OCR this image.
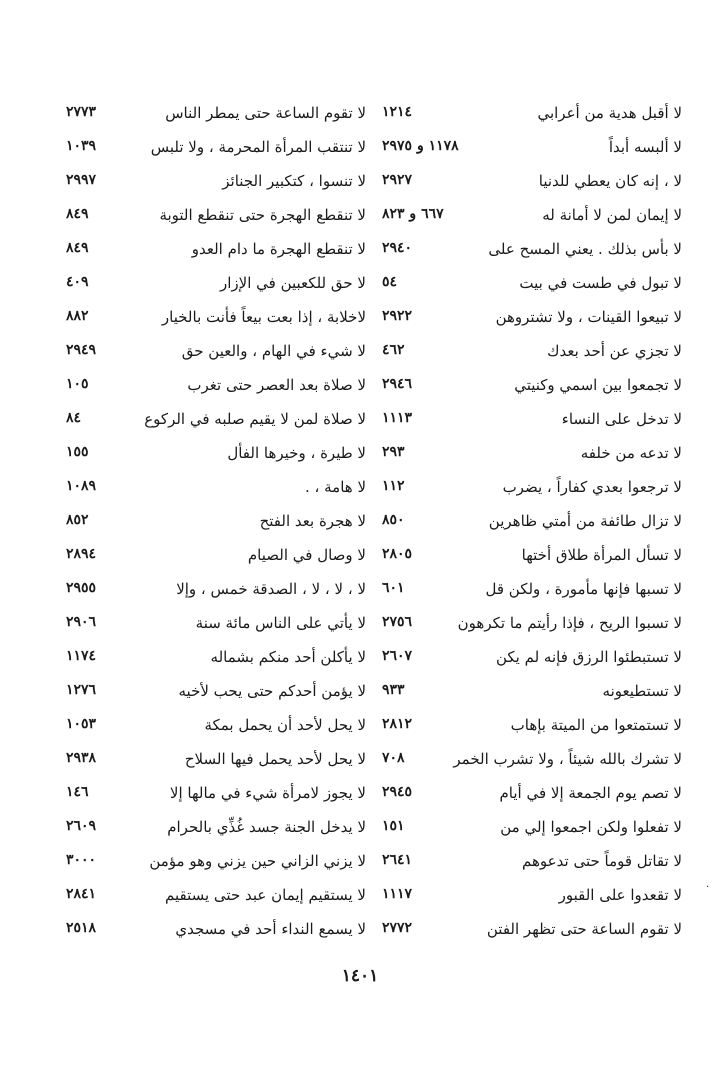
لا أقبل هدية من أعرابي
١٢١٤
لا ألبسه أبداً
١١٧٨ و ٢٩٧٥
لا ، إنه كان يعطي للدنيا
٢٩٢٧
لا إيمان لمن لا أمانة له
٦٦٧ و ٨٢٣
لا بأس بذلك . يعني المسح على
٢٩٤٠
لا تبول في طست في بيت
٥٤
لا تبيعوا القينات ، ولا تشتروهن
٢٩٢٢
لا تجزي عن أحد بعدك
٤٦٢
لا تجمعوا بين اسمي وكنيتي
٢٩٤٦
لا تدخل على النساء
١١١٣
لا تدعه من خلفه
٢٩٣
لا ترجعوا بعدي كفاراً ، يضرب
١١٢
لا تزال طائفة من أمتي ظاهرين
٨٥٠
لا تسأل المرأة طلاق أختها
٢٨٠٥
لا تسبها فإنها مأمورة ، ولكن قل
٦٠١
لا تسبوا الريح ، فإذا رأيتم ما تكرهون
٢٧٥٦
لا تستبطئوا الرزق فإنه لم يكن
٢٦٠٧
لا تستطيعونه
٩٣٣
لا تستمتعوا من الميتة بإهاب
٢٨١٢
لا تشرك بالله شيئاً ، ولا تشرب الخمر
٧٠٨
لا تصم يوم الجمعة إلا في أيام
٢٩٤٥
لا تفعلوا ولكن اجمعوا إلي من
١٥١
لا تقاتل قوماً حتى تدعوهم
٢٦٤١
لا تقعدوا على القبور
١١١٧
لا تقوم الساعة حتى تظهر الفتن
٢٧٧٢
لا تقوم الساعة حتى يمطر الناس
٢٧٧٣
لا تنتقب المرأة المحرمة ، ولا تلبس
١٠٣٩
لا تنسوا ، كتكبير الجنائز
٢٩٩٧
لا تنقطع الهجرة حتى تنقطع التوبة
٨٤٩
لا تنقطع الهجرة ما دام العدو
٨٤٩
لا حق للكعبين في الإزار
٤٠٩
لاخلابة ، إذا بعت بيعاً فأنت بالخيار
٨٨٢
لا شيء في الهام ، والعين حق
٢٩٤٩
لا صلاة بعد العصر حتى تغرب
١٠٥
لا صلاة لمن لا يقيم صلبه في الركوع
٨٤
لا طيرة ، وخيرها الفأل
١٥٥
لا هامة ، .
١٠٨٩
لا هجرة بعد الفتح
٨٥٢
لا وصال في الصيام
٢٨٩٤
لا ، لا ، لا ، الصدقة خمس ، وإلا
٢٩٥٥
لا يأتي على الناس مائة سنة
٢٩٠٦
لا يأكلن أحد منكم بشماله
١١٧٤
لا يؤمن أحدكم حتى يحب لأخيه
١٢٧٦
لا يحل لأحد أن يحمل بمكة
١٠٥٣
لا يحل لأحد يحمل فيها السلاح
٢٩٣٨
لا يجوز لامرأة شيء في مالها إلا
١٤٦
لا يدخل الجنة جسد غُذِّي بالحرام
٢٦٠٩
لا يزني الزاني حين يزني وهو مؤمن
٣٠٠٠
لا يستقيم إيمان عبد حتى يستقيم
٢٨٤١
لا يسمع النداء أحد في مسجدي
٢٥١٨
١٤٠١
·
